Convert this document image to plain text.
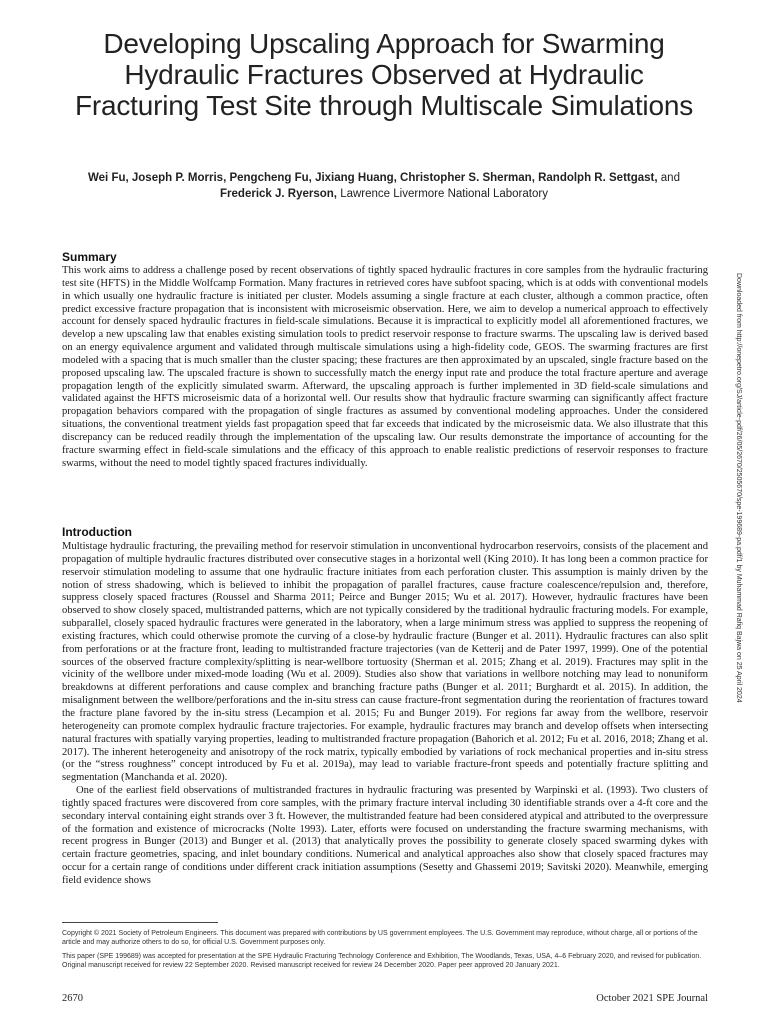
Developing Upscaling Approach for Swarming Hydraulic Fractures Observed at Hydraulic Fracturing Test Site through Multiscale Simulations
Wei Fu, Joseph P. Morris, Pengcheng Fu, Jixiang Huang, Christopher S. Sherman, Randolph R. Settgast, and
Frederick J. Ryerson, Lawrence Livermore National Laboratory
Summary

This work aims to address a challenge posed by recent observations of tightly spaced hydraulic fractures in core samples from the hydraulic fracturing test site (HFTS) in the Middle Wolfcamp Formation. Many fractures in retrieved cores have subfoot spacing, which is at odds with conventional models in which usually one hydraulic fracture is initiated per cluster. Models assuming a single fracture at each cluster, although a common practice, often predict excessive fracture propagation that is inconsistent with microseismic observation. Here, we aim to develop a numerical approach to effectively account for densely spaced hydraulic fractures in field-scale simulations. Because it is impractical to explicitly model all aforementioned fractures, we develop a new upscaling law that enables existing simulation tools to predict reservoir response to fracture swarms. The upscaling law is derived based on an energy equivalence argument and validated through multiscale simulations using a high-fidelity code, GEOS. The swarming fractures are first modeled with a spacing that is much smaller than the cluster spacing; these fractures are then approximated by an upscaled, single fracture based on the proposed upscaling law. The upscaled fracture is shown to successfully match the energy input rate and produce the total fracture aperture and average propagation length of the explicitly simulated swarm. Afterward, the upscaling approach is further implemented in 3D field-scale simulations and validated against the HFTS microseismic data of a horizontal well. Our results show that hydraulic fracture swarming can significantly affect fracture propagation behaviors compared with the propagation of single fractures as assumed by conventional modeling approaches. Under the considered situations, the conventional treatment yields fast propagation speed that far exceeds that indicated by the microseismic data. We also illustrate that this discrepancy can be reduced readily through the implementation of the upscaling law. Our results demonstrate the importance of accounting for the fracture swarming effect in field-scale simulations and the efficacy of this approach to enable realistic predictions of reservoir responses to fracture swarms, without the need to model tightly spaced fractures individually.

Introduction

Multistage hydraulic fracturing, the prevailing method for reservoir stimulation in unconventional hydrocarbon reservoirs, consists of the placement and propagation of multiple hydraulic fractures distributed over consecutive stages in a horizontal well (King 2010). It has long been a common practice for reservoir stimulation modeling to assume that one hydraulic fracture initiates from each perforation cluster. This assumption is mainly driven by the notion of stress shadowing, which is believed to inhibit the propagation of parallel fractures, cause fracture coalescence/repulsion and, therefore, suppress closely spaced fractures (Roussel and Sharma 2011; Peirce and Bunger 2015; Wu et al. 2017). However, hydraulic fractures have been observed to show closely spaced, multistranded patterns, which are not typically considered by the traditional hydraulic fracturing models. For example, subparallel, closely spaced hydraulic fractures were generated in the laboratory, when a large minimum stress was applied to suppress the reopening of existing fractures, which could otherwise promote the curving of a close-by hydraulic fracture (Bunger et al. 2011). Hydraulic fractures can also split from perforations or at the fracture front, leading to multistranded fracture trajectories (van de Ketterij and de Pater 1997, 1999). One of the potential sources of the observed fracture complexity/splitting is near-wellbore tortuosity (Sherman et al. 2015; Zhang et al. 2019). Fractures may split in the vicinity of the wellbore under mixed-mode loading (Wu et al. 2009). Studies also show that variations in wellbore notching may lead to nonuniform breakdowns at different perforations and cause complex and branching fracture paths (Bunger et al. 2011; Burghardt et al. 2015). In addition, the misalignment between the wellbore/perforations and the in-situ stress can cause fracture-front segmentation during the reorientation of fractures toward the fracture plane favored by the in-situ stress (Lecampion et al. 2015; Fu and Bunger 2019). For regions far away from the wellbore, reservoir heterogeneity can promote complex hydraulic fracture trajectories. For example, hydraulic fractures may branch and develop offsets when intersecting natural fractures with spatially varying properties, leading to multistranded fracture propagation (Bahorich et al. 2012; Fu et al. 2016, 2018; Zhang et al. 2017). The inherent heterogeneity and anisotropy of the rock matrix, typically embodied by variations of rock mechanical properties and in-situ stress (or the “stress roughness” concept introduced by Fu et al. 2019a), may lead to variable fracture-front speeds and potentially fracture splitting and segmentation (Manchanda et al. 2020).

One of the earliest field observations of multistranded fractures in hydraulic fracturing was presented by Warpinski et al. (1993). Two clusters of tightly spaced fractures were discovered from core samples, with the primary fracture interval including 30 identifiable strands over a 4-ft core and the secondary interval containing eight strands over 3 ft. However, the multistranded feature had been considered atypical and attributed to the overpressure of the formation and existence of microcracks (Nolte 1993). Later, efforts were focused on understanding the fracture swarming mechanisms, with recent progress in Bunger (2013) and Bunger et al. (2013) that analytically proves the possibility to generate closely spaced swarming dykes with certain fracture geometries, spacing, and inlet boundary conditions. Numerical and analytical approaches also show that closely spaced fractures may occur for a certain range of conditions under different crack initiation assumptions (Sesetty and Ghassemi 2019; Savitski 2020). Meanwhile, emerging field evidence shows

Copyright © 2021 Society of Petroleum Engineers. This document was prepared with contributions by US government employees. The U.S. Government may reproduce, without charge, all or portions of the article and may authorize others to do so, for official U.S. Government purposes only.
This paper (SPE 199689) was accepted for presentation at the SPE Hydraulic Fracturing Technology Conference and Exhibition, The Woodlands, Texas, USA, 4–6 February 2020, and revised for publication. Original manuscript received for review 22 September 2020. Revised manuscript received for review 24 December 2020. Paper peer approved 20 January 2021.
2670	October 2021 SPE Journal
Downloaded from http://onepetro.org/SJ/article-pdf/26/05/2670/2505670/spe-199689-pa.pdf/1 by Muhammad Rafiq Bajwa on 25 April 2024
